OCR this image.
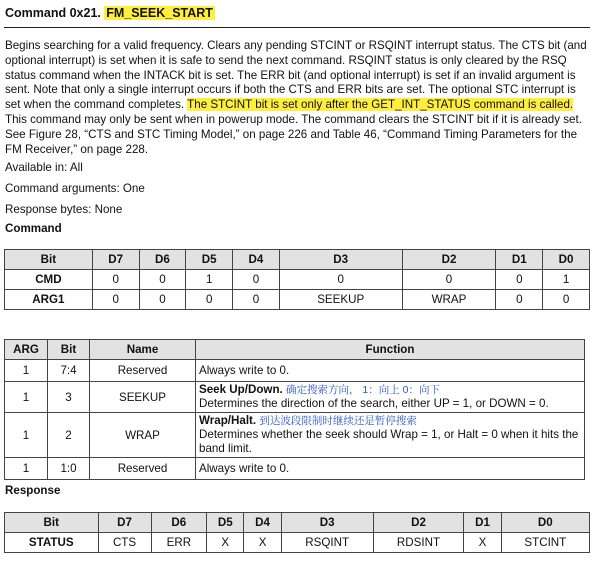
Command 0x21. FM_SEEK_START

Begins searching for a valid frequency. Clears any pending STCINT or RSQINT interrupt status. The CTS bit (and optional interrupt) is set when it is safe to send the next command. RSQINT status is only cleared by the RSQ status command when the INTACK bit is set. The ERR bit (and optional interrupt) is set if an invalid argument is sent. Note that only a single interrupt occurs if both the CTS and ERR bits are set. The optional STC interrupt is set when the command completes. The STCINT bit is set only after the GET_INT_STATUS command is called. This command may only be sent when in powerup mode. The command clears the STCINT bit if it is already set. See Figure 28, “CTS and STC Timing Model,” on page 226 and Table 46, “Command Timing Parameters for the FM Receiver,” on page 228.

Available in: All

Command arguments: One

Response bytes: None

Command

Bit	D7	D6	D5	D4	D3	D2	D1	D0
CMD	0	0	1	0	0	0	0	1
ARG1	0	0	0	0	SEEKUP	WRAP	0	0
ARG	Bit	Name	Function
1	7:4	Reserved	Always write to 0.
1	3	SEEKUP	Seek Up/Down. 确定搜索方向， 1：向上 0：向下
Determines the direction of the search, either UP = 1, or DOWN = 0.
1	2	WRAP	Wrap/Halt. 到达波段限制时继续还是暂停搜索
Determines whether the seek should Wrap = 1, or Halt = 0 when it hits the band limit.
1	1:0	Reserved	Always write to 0.

Response

Bit	D7	D6	D5	D4	D3	D2	D1	D0
STATUS	CTS	ERR	X	X	RSQINT	RDSINT	X	STCINT
